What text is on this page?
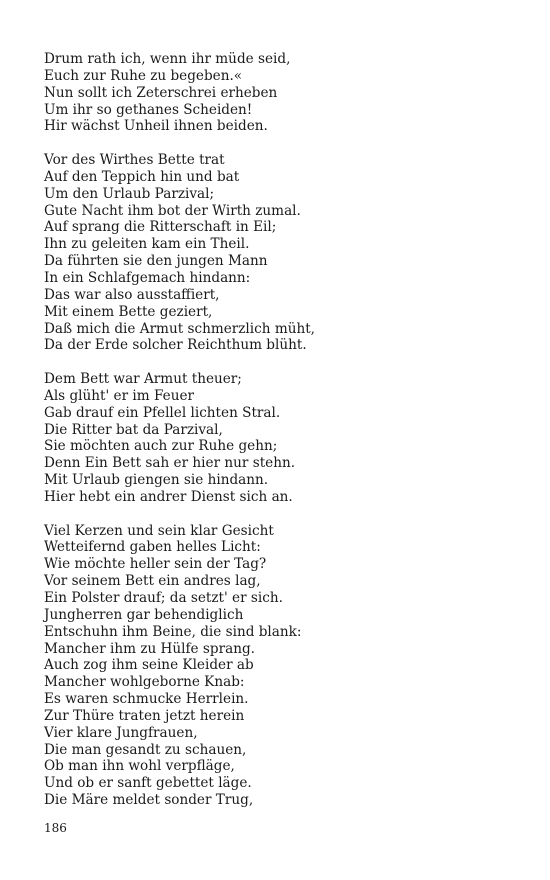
Drum rath ich, wenn ihr müde seid,
Euch zur Ruhe zu begeben.«
Nun sollt ich Zeterschrei erheben
Um ihr so gethanes Scheiden!
Hir wächst Unheil ihnen beiden.
Vor des Wirthes Bette trat
Auf den Teppich hin und bat
Um den Urlaub Parzival;
Gute Nacht ihm bot der Wirth zumal.
Auf sprang die Ritterschaft in Eil;
Ihn zu geleiten kam ein Theil.
Da führten sie den jungen Mann
In ein Schlafgemach hindann:
Das war also ausstaffiert,
Mit einem Bette geziert,
Daß mich die Armut schmerzlich müht,
Da der Erde solcher Reichthum blüht.
Dem Bett war Armut theuer;
Als glüht' er im Feuer
Gab drauf ein Pfellel lichten Stral.
Die Ritter bat da Parzival,
Sie möchten auch zur Ruhe gehn;
Denn Ein Bett sah er hier nur stehn.
Mit Urlaub giengen sie hindann.
Hier hebt ein andrer Dienst sich an.
Viel Kerzen und sein klar Gesicht
Wetteifernd gaben helles Licht:
Wie möchte heller sein der Tag?
Vor seinem Bett ein andres lag,
Ein Polster drauf; da setzt' er sich.
Jungherren gar behendiglich
Entschuhn ihm Beine, die sind blank:
Mancher ihm zu Hülfe sprang.
Auch zog ihm seine Kleider ab
Mancher wohlgeborne Knab:
Es waren schmucke Herrlein.
Zur Thüre traten jetzt herein
Vier klare Jungfrauen,
Die man gesandt zu schauen,
Ob man ihn wohl verpfläge,
Und ob er sanft gebettet läge.
Die Märe meldet sonder Trug,
186
